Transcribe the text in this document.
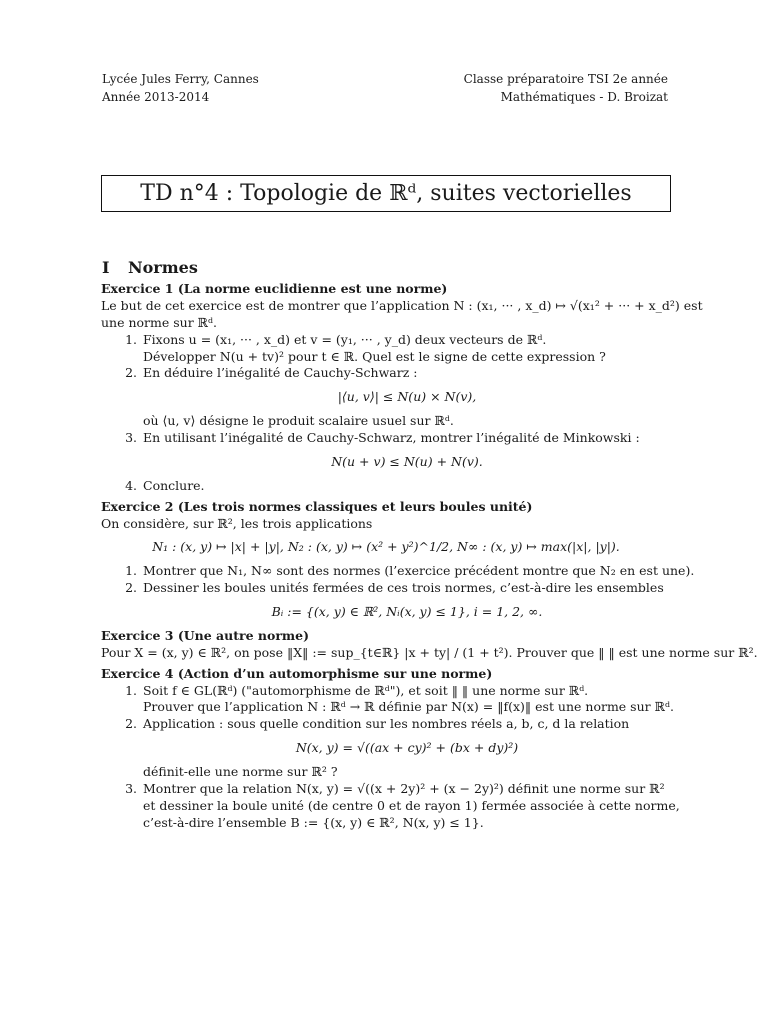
Lycée Jules Ferry, Cannes
Année 2013-2014
Classe préparatoire TSI 2e année
Mathématiques - D. Broizat
TD n°4 : Topologie de ℝᵈ, suites vectorielles
I Normes
Exercice 1 (La norme euclidienne est une norme)
Le but de cet exercice est de montrer que l’application N : (x₁, ··· , x_d) ↦ √(x₁² + ··· + x_d²) est
une norme sur ℝᵈ.
1. Fixons u = (x₁, ··· , x_d) et v = (y₁, ··· , y_d) deux vecteurs de ℝᵈ.
Développer N(u + tv)² pour t ∈ ℝ. Quel est le signe de cette expression ?
2. En déduire l’inégalité de Cauchy-Schwarz :
|⟨u, v⟩| ≤ N(u) × N(v),
où ⟨u, v⟩ désigne le produit scalaire usuel sur ℝᵈ.
3. En utilisant l’inégalité de Cauchy-Schwarz, montrer l’inégalité de Minkowski :
N(u + v) ≤ N(u) + N(v).
4. Conclure.
Exercice 2 (Les trois normes classiques et leurs boules unité)
On considère, sur ℝ², les trois applications
N₁ : (x, y) ↦ |x| + |y|, N₂ : (x, y) ↦ (x² + y²)^1/2, N∞ : (x, y) ↦ max(|x|, |y|).
1. Montrer que N₁, N∞ sont des normes (l’exercice précédent montre que N₂ en est une).
2. Dessiner les boules unités fermées de ces trois normes, c’est-à-dire les ensembles
Bᵢ := {(x, y) ∈ ℝ², Nᵢ(x, y) ≤ 1}, i = 1, 2, ∞.
Exercice 3 (Une autre norme)
Pour X = (x, y) ∈ ℝ², on pose ‖X‖ := sup_{t∈ℝ} |x + ty| / (1 + t²). Prouver que ‖ ‖ est une norme sur ℝ².
Exercice 4 (Action d’un automorphisme sur une norme)
1. Soit f ∈ GL(ℝᵈ) ("automorphisme de ℝᵈ"), et soit ‖ ‖ une norme sur ℝᵈ.
Prouver que l’application N : ℝᵈ → ℝ définie par N(x) = ‖f(x)‖ est une norme sur ℝᵈ.
2. Application : sous quelle condition sur les nombres réels a, b, c, d la relation
N(x, y) = √((ax + cy)² + (bx + dy)²)
définit-elle une norme sur ℝ² ?
3. Montrer que la relation N(x, y) = √((x + 2y)² + (x − 2y)²) définit une norme sur ℝ²
et dessiner la boule unité (de centre 0 et de rayon 1) fermée associée à cette norme,
c’est-à-dire l’ensemble B := {(x, y) ∈ ℝ², N(x, y) ≤ 1}.
